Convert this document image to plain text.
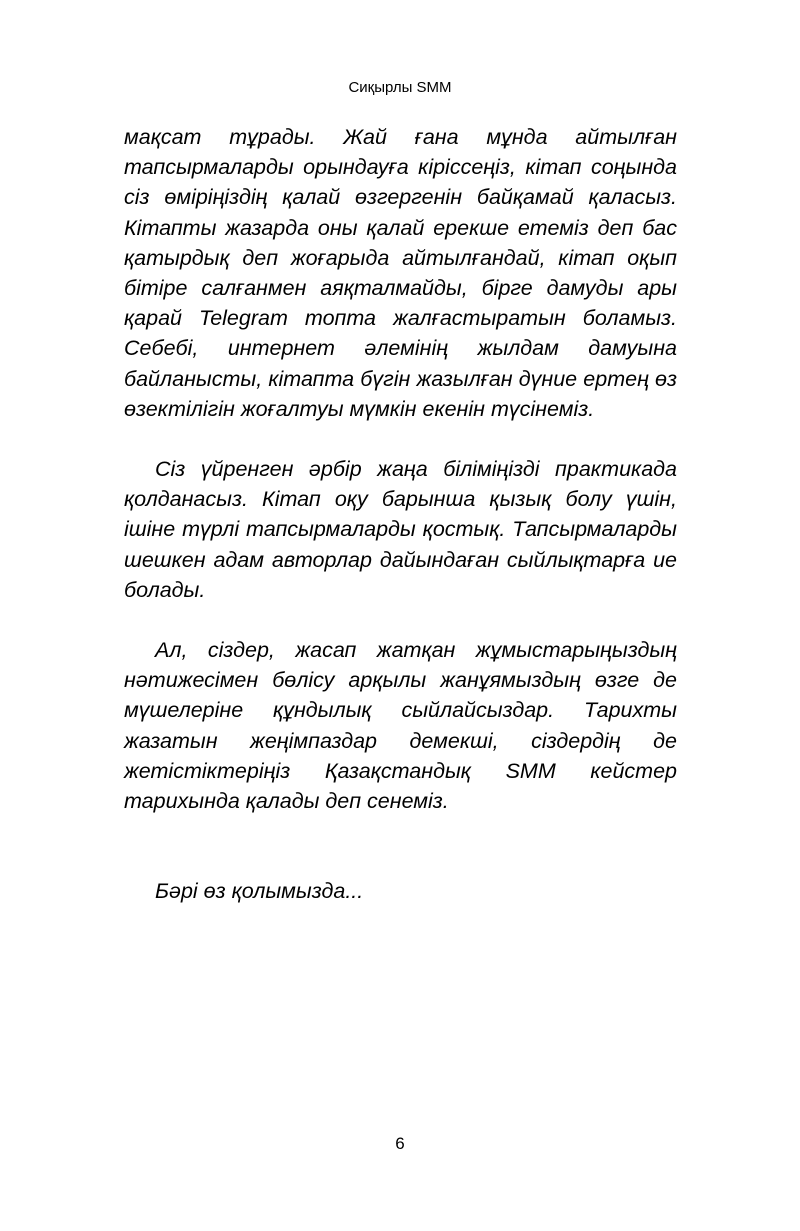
Сиқырлы SMM

мақсат тұрады. Жай ғана мұнда айтылған тапсырмаларды орындауға кіріссеңіз, кітап соңында сіз өміріңіздің қалай өзгергенін байқамай қаласыз. Кітапты жазарда оны қалай ерекше етеміз деп бас қатырдық деп жоғарыда айтылғандай, кітап оқып бітіре салғанмен аяқталмайды, бірге дамуды ары қарай Telegram топта жалғастыратын боламыз. Себебі, интернет әлемінің жылдам дамуына байланысты, кітапта бүгін жазылған дүние ертең өз өзектілігін жоғалтуы мүмкін екенін түсінеміз.

Сіз үйренген әрбір жаңа біліміңізді практикада қолданасыз. Кітап оқу барынша қызық болу үшін, ішіне түрлі тапсырмаларды қостық. Тапсырмаларды шешкен адам авторлар дайындаған сыйлықтарға ие болады.

Ал, сіздер, жасап жатқан жұмыстарыңыздың нәтижесімен бөлісу арқылы жанұямыздың өзге де мүшелеріне құндылық сыйлайсыздар. Тарихты жазатын жеңімпаздар демекші, сіздердің де жетістіктеріңіз Қазақстандық SMM кейстер тарихында қалады деп сенеміз.

Бәрі өз қолымызда...

6
